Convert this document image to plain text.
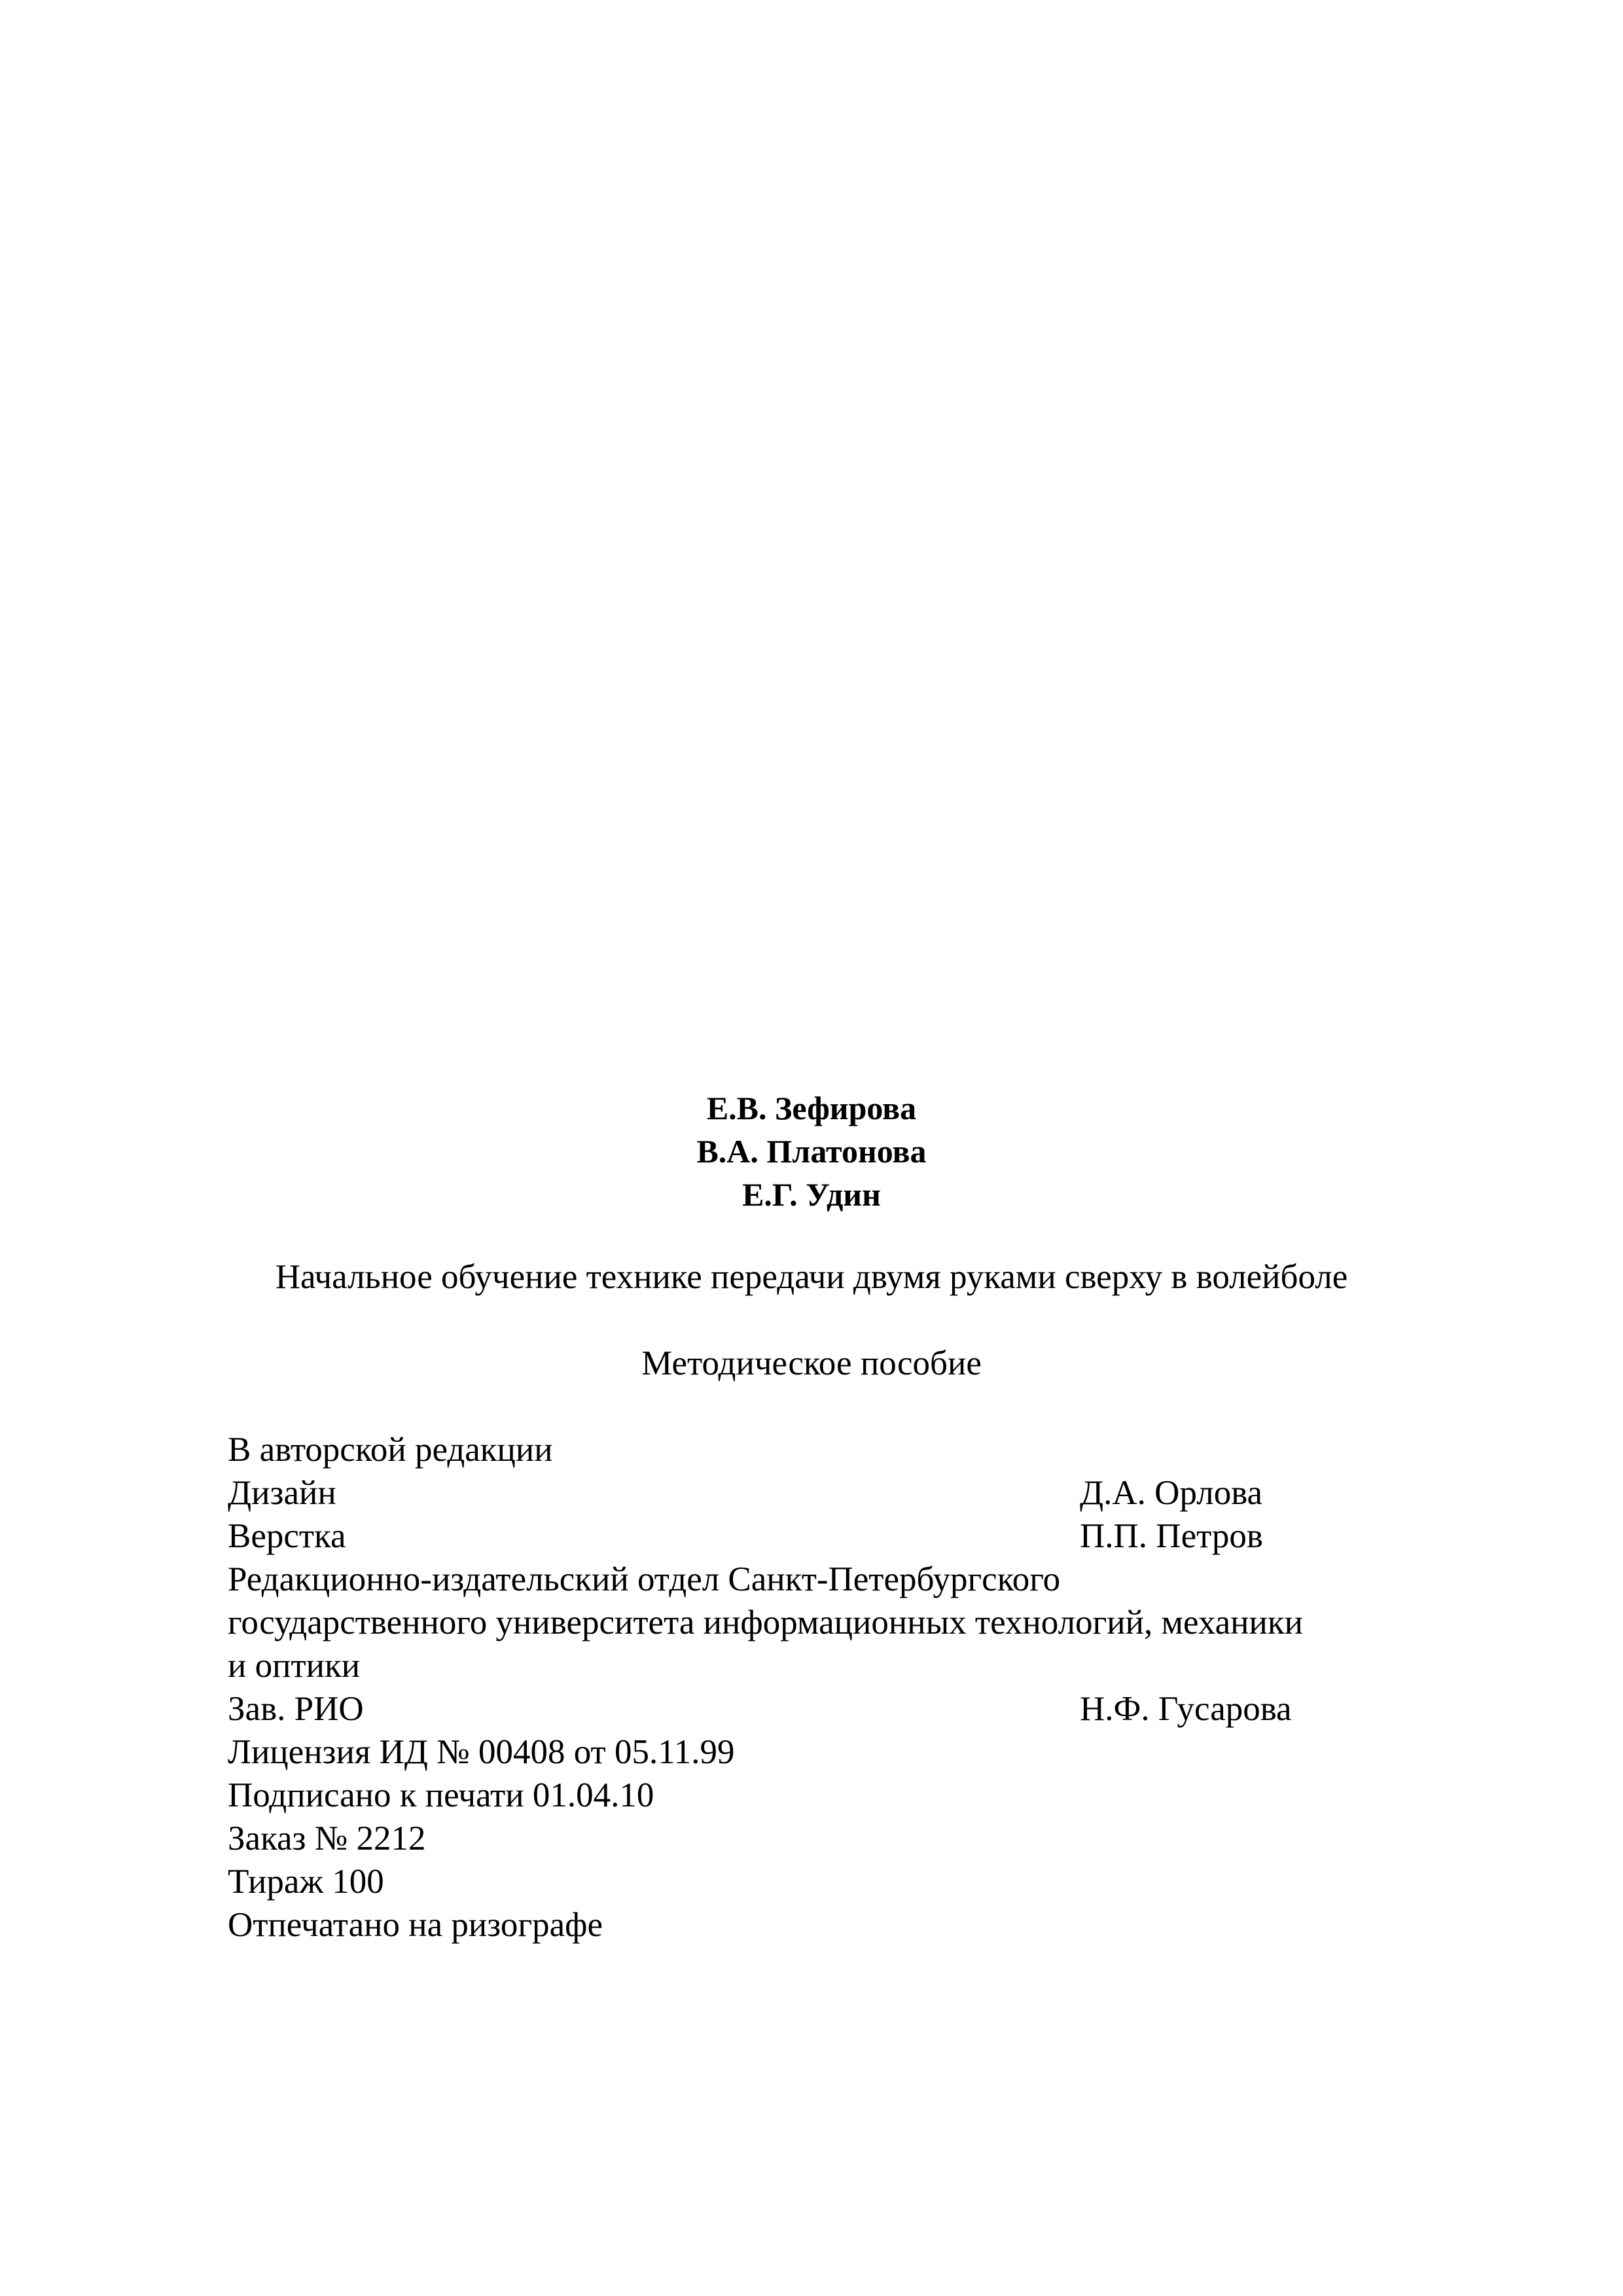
Е.В. Зефирова
В.А. Платонова
Е.Г. Удин
Начальное обучение технике передачи двумя руками сверху в волейболе
Методическое пособие
В авторской редакции
Дизайн	Д.А. Орлова
Верстка	П.П. Петров
Редакционно-издательский отдел Санкт-Петербургского
государственного университета информационных технологий, механики
и оптики
Зав. РИО	Н.Ф. Гусарова
Лицензия ИД № 00408 от 05.11.99
Подписано к печати 01.04.10
Заказ № 2212
Тираж 100
Отпечатано на ризографе
